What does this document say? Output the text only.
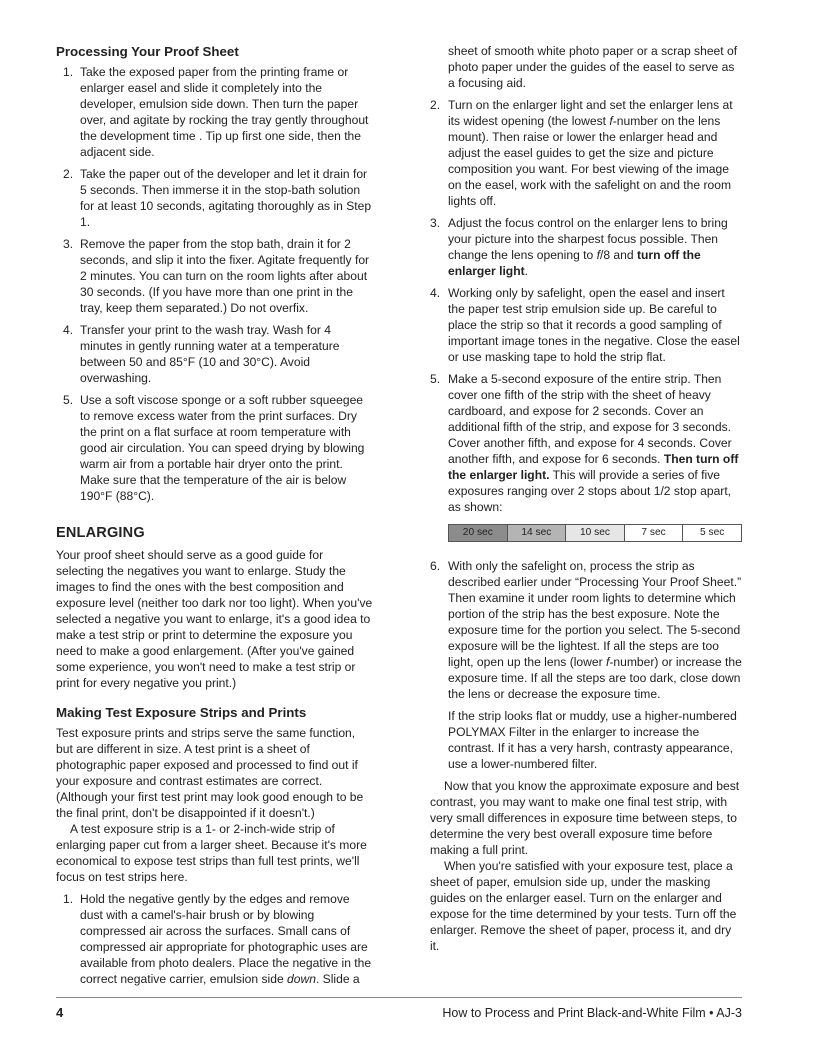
Processing Your Proof Sheet
1. Take the exposed paper from the printing frame or enlarger easel and slide it completely into the developer, emulsion side down. Then turn the paper over, and agitate by rocking the tray gently throughout the development time . Tip up first one side, then the adjacent side.
2. Take the paper out of the developer and let it drain for 5 seconds. Then immerse it in the stop-bath solution for at least 10 seconds, agitating thoroughly as in Step 1.
3. Remove the paper from the stop bath, drain it for 2 seconds, and slip it into the fixer. Agitate frequently for 2 minutes. You can turn on the room lights after about 30 seconds. (If you have more than one print in the tray, keep them separated.) Do not overfix.
4. Transfer your print to the wash tray. Wash for 4 minutes in gently running water at a temperature between 50 and 85°F (10 and 30°C). Avoid overwashing.
5. Use a soft viscose sponge or a soft rubber squeegee to remove excess water from the print surfaces. Dry the print on a flat surface at room temperature with good air circulation. You can speed drying by blowing warm air from a portable hair dryer onto the print. Make sure that the temperature of the air is below 190°F (88°C).
ENLARGING

Your proof sheet should serve as a good guide for selecting the negatives you want to enlarge. Study the images to find the ones with the best composition and exposure level (neither too dark nor too light). When you've selected a negative you want to enlarge, it's a good idea to make a test strip or print to determine the exposure you need to make a good enlargement. (After you've gained some experience, you won't need to make a test strip or print for every negative you print.)

Making Test Exposure Strips and Prints

Test exposure prints and strips serve the same function, but are different in size. A test print is a sheet of photographic paper exposed and processed to find out if your exposure and contrast estimates are correct. (Although your first test print may look good enough to be the final print, don't be disappointed if it doesn't.)

A test exposure strip is a 1- or 2-inch-wide strip of enlarging paper cut from a larger sheet. Because it's more economical to expose test strips than full test prints, we'll focus on test strips here.

1. Hold the negative gently by the edges and remove dust with a camel's-hair brush or by blowing compressed air across the surfaces. Small cans of compressed air appropriate for photographic uses are available from photo dealers. Place the negative in the correct negative carrier, emulsion side down. Slide a

sheet of smooth white photo paper or a scrap sheet of photo paper under the guides of the easel to serve as a focusing aid.

2. Turn on the enlarger light and set the enlarger lens at its widest opening (the lowest f-number on the lens mount). Then raise or lower the enlarger head and adjust the easel guides to get the size and picture composition you want. For best viewing of the image on the easel, work with the safelight on and the room lights off.
3. Adjust the focus control on the enlarger lens to bring your picture into the sharpest focus possible. Then change the lens opening to f/8 and turn off the enlarger light.
4. Working only by safelight, open the easel and insert the paper test strip emulsion side up. Be careful to place the strip so that it records a good sampling of important image tones in the negative. Close the easel or use masking tape to hold the strip flat.
5. Make a 5-second exposure of the entire strip. Then cover one fifth of the strip with the sheet of heavy cardboard, and expose for 2 seconds. Cover an additional fifth of the strip, and expose for 3 seconds. Cover another fifth, and expose for 4 seconds. Cover another fifth, and expose for 6 seconds. Then turn off the enlarger light. This will provide a series of five exposures ranging over 2 stops about 1/2 stop apart, as shown:
20 sec	14 sec	10 sec	7 sec	5 sec
6. With only the safelight on, process the strip as described earlier under “Processing Your Proof Sheet.” Then examine it under room lights to determine which portion of the strip has the best exposure. Note the exposure time for the portion you select. The 5-second exposure will be the lightest. If all the steps are too light, open up the lens (lower f-number) or increase the exposure time. If all the steps are too dark, close down the lens or decrease the exposure time.

If the strip looks flat or muddy, use a higher-numbered POLYMAX Filter in the enlarger to increase the contrast. If it has a very harsh, contrasty appearance, use a lower-numbered filter.

Now that you know the approximate exposure and best contrast, you may want to make one final test strip, with very small differences in exposure time between steps, to determine the very best overall exposure time before making a full print.

When you're satisfied with your exposure test, place a sheet of paper, emulsion side up, under the masking guides on the enlarger easel. Turn on the enlarger and expose for the time determined by your tests. Turn off the enlarger. Remove the sheet of paper, process it, and dry it.

4	How to Process and Print Black-and-White Film • AJ-3
